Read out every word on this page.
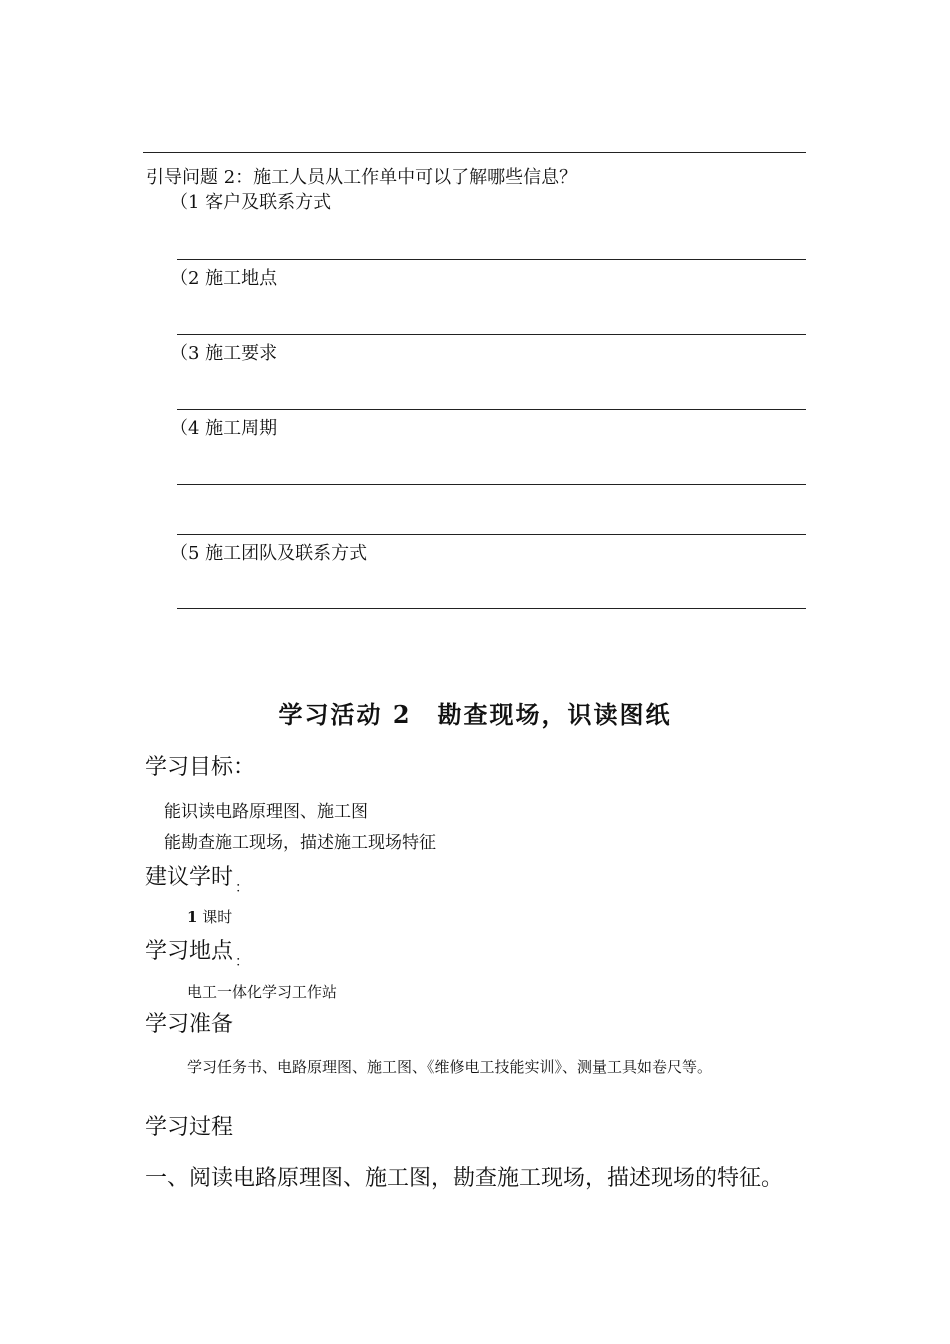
引导问题 2：施工人员从工作单中可以了解哪些信息？
（1 客户及联系方式
（2 施工地点
（3 施工要求
（4 施工周期
（5 施工团队及联系方式
学习活动 2　勘查现场，识读图纸
学习目标：
能识读电路原理图、施工图
能勘查施工现场，描述施工现场特征
建议学时 $_:$
1 课时
学习地点 $_:$
电工一体化学习工作站
学习准备
学习任务书、电路原理图、施工图、《维修电工技能实训》、测量工具如卷尺等。
学习过程
一、阅读电路原理图、施工图，勘查施工现场，描述现场的特征。
